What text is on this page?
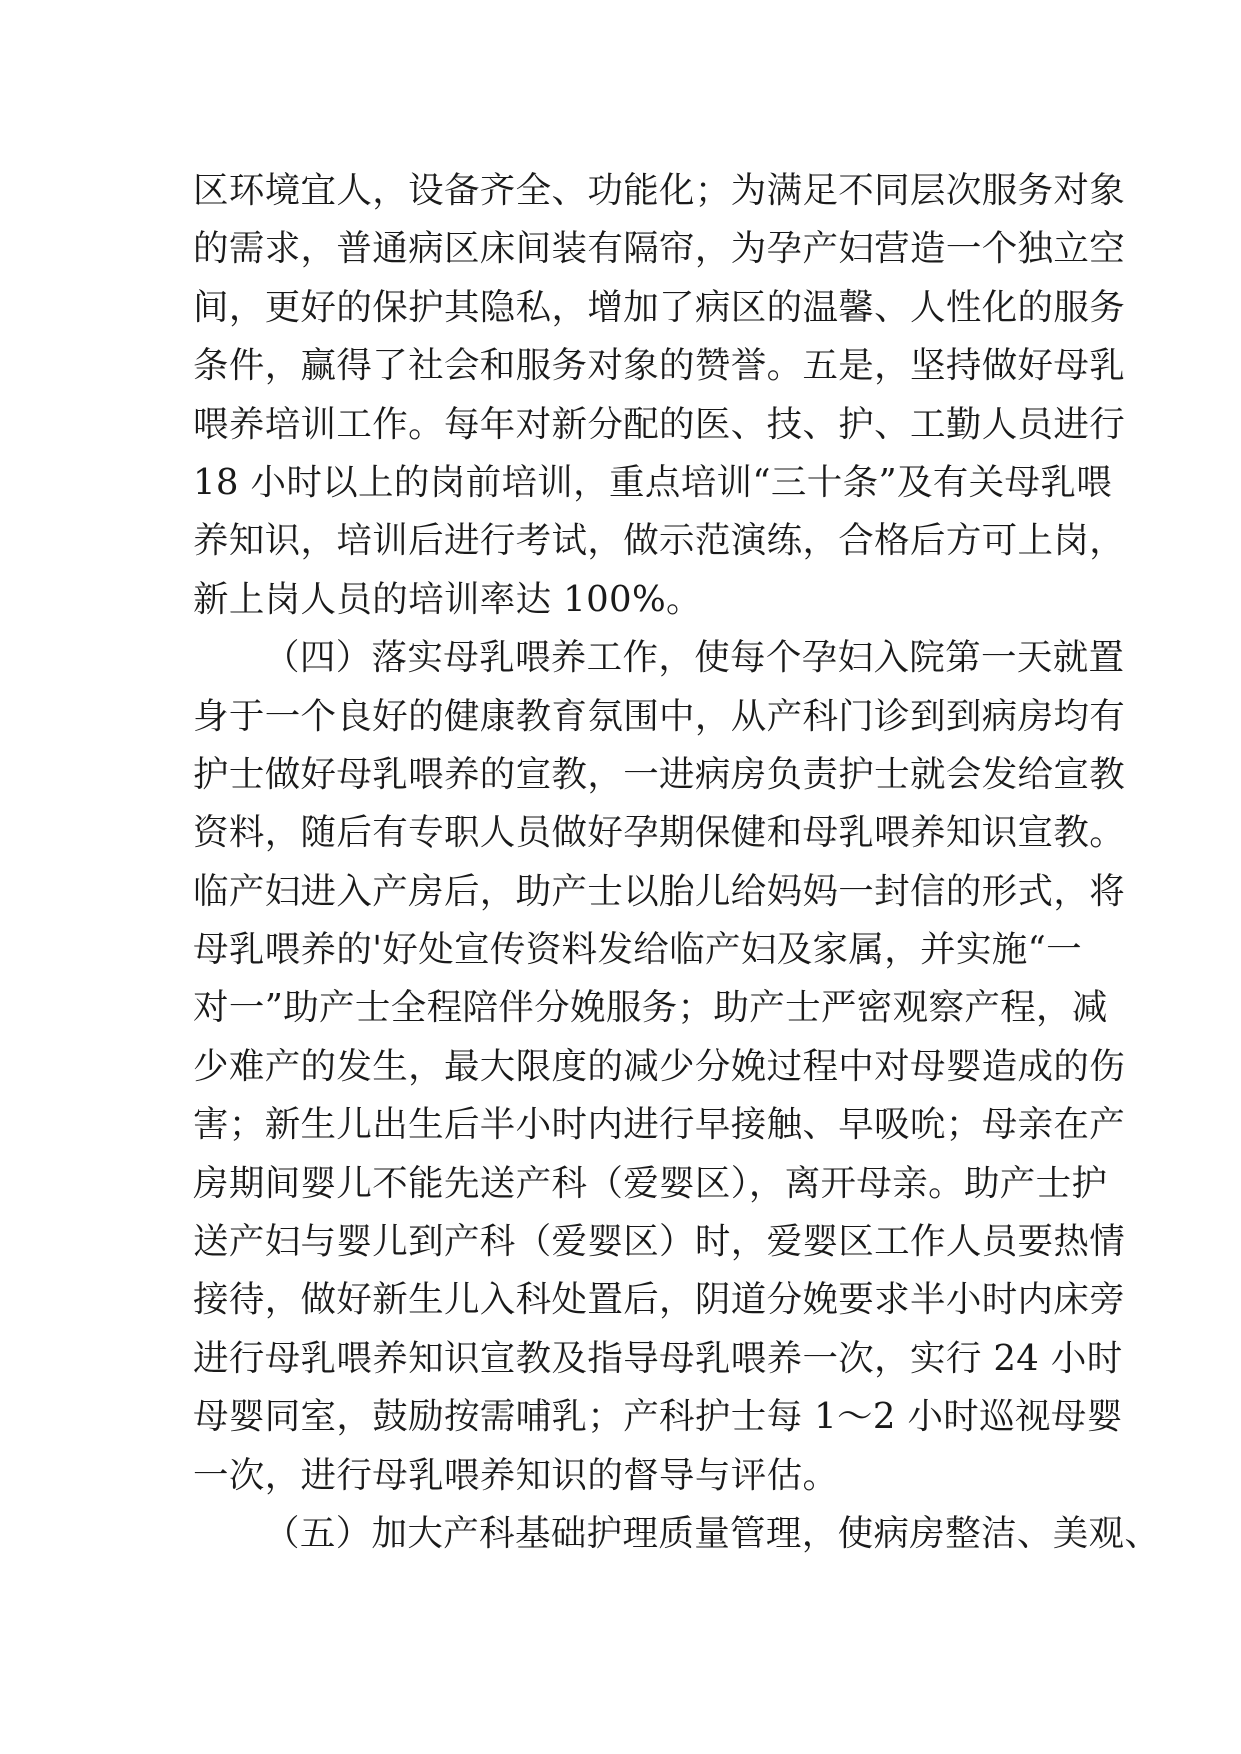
区环境宜人，设备齐全、功能化；为满足不同层次服务对象
的需求，普通病区床间装有隔帘，为孕产妇营造一个独立空
间，更好的保护其隐私，增加了病区的温馨、人性化的服务
条件，赢得了社会和服务对象的赞誉。五是，坚持做好母乳
喂养培训工作。每年对新分配的医、技、护、工勤人员进行
18 小时以上的岗前培训，重点培训“三十条”及有关母乳喂
养知识，培训后进行考试，做示范演练，合格后方可上岗，
新上岗人员的培训率达 100%。
（四）落实母乳喂养工作，使每个孕妇入院第一天就置
身于一个良好的健康教育氛围中，从产科门诊到到病房均有
护士做好母乳喂养的宣教，一进病房负责护士就会发给宣教
资料，随后有专职人员做好孕期保健和母乳喂养知识宣教。
临产妇进入产房后，助产士以胎儿给妈妈一封信的形式，将
母乳喂养的'好处宣传资料发给临产妇及家属，并实施“一
对一”助产士全程陪伴分娩服务；助产士严密观察产程，减
少难产的发生，最大限度的减少分娩过程中对母婴造成的伤
害；新生儿出生后半小时内进行早接触、早吸吮；母亲在产
房期间婴儿不能先送产科（爱婴区），离开母亲。助产士护
送产妇与婴儿到产科（爱婴区）时，爱婴区工作人员要热情
接待，做好新生儿入科处置后，阴道分娩要求半小时内床旁
进行母乳喂养知识宣教及指导母乳喂养一次，实行 24 小时
母婴同室，鼓励按需哺乳；产科护士每 1～2 小时巡视母婴
一次，进行母乳喂养知识的督导与评估。
（五）加大产科基础护理质量管理，使病房整洁、美观、
